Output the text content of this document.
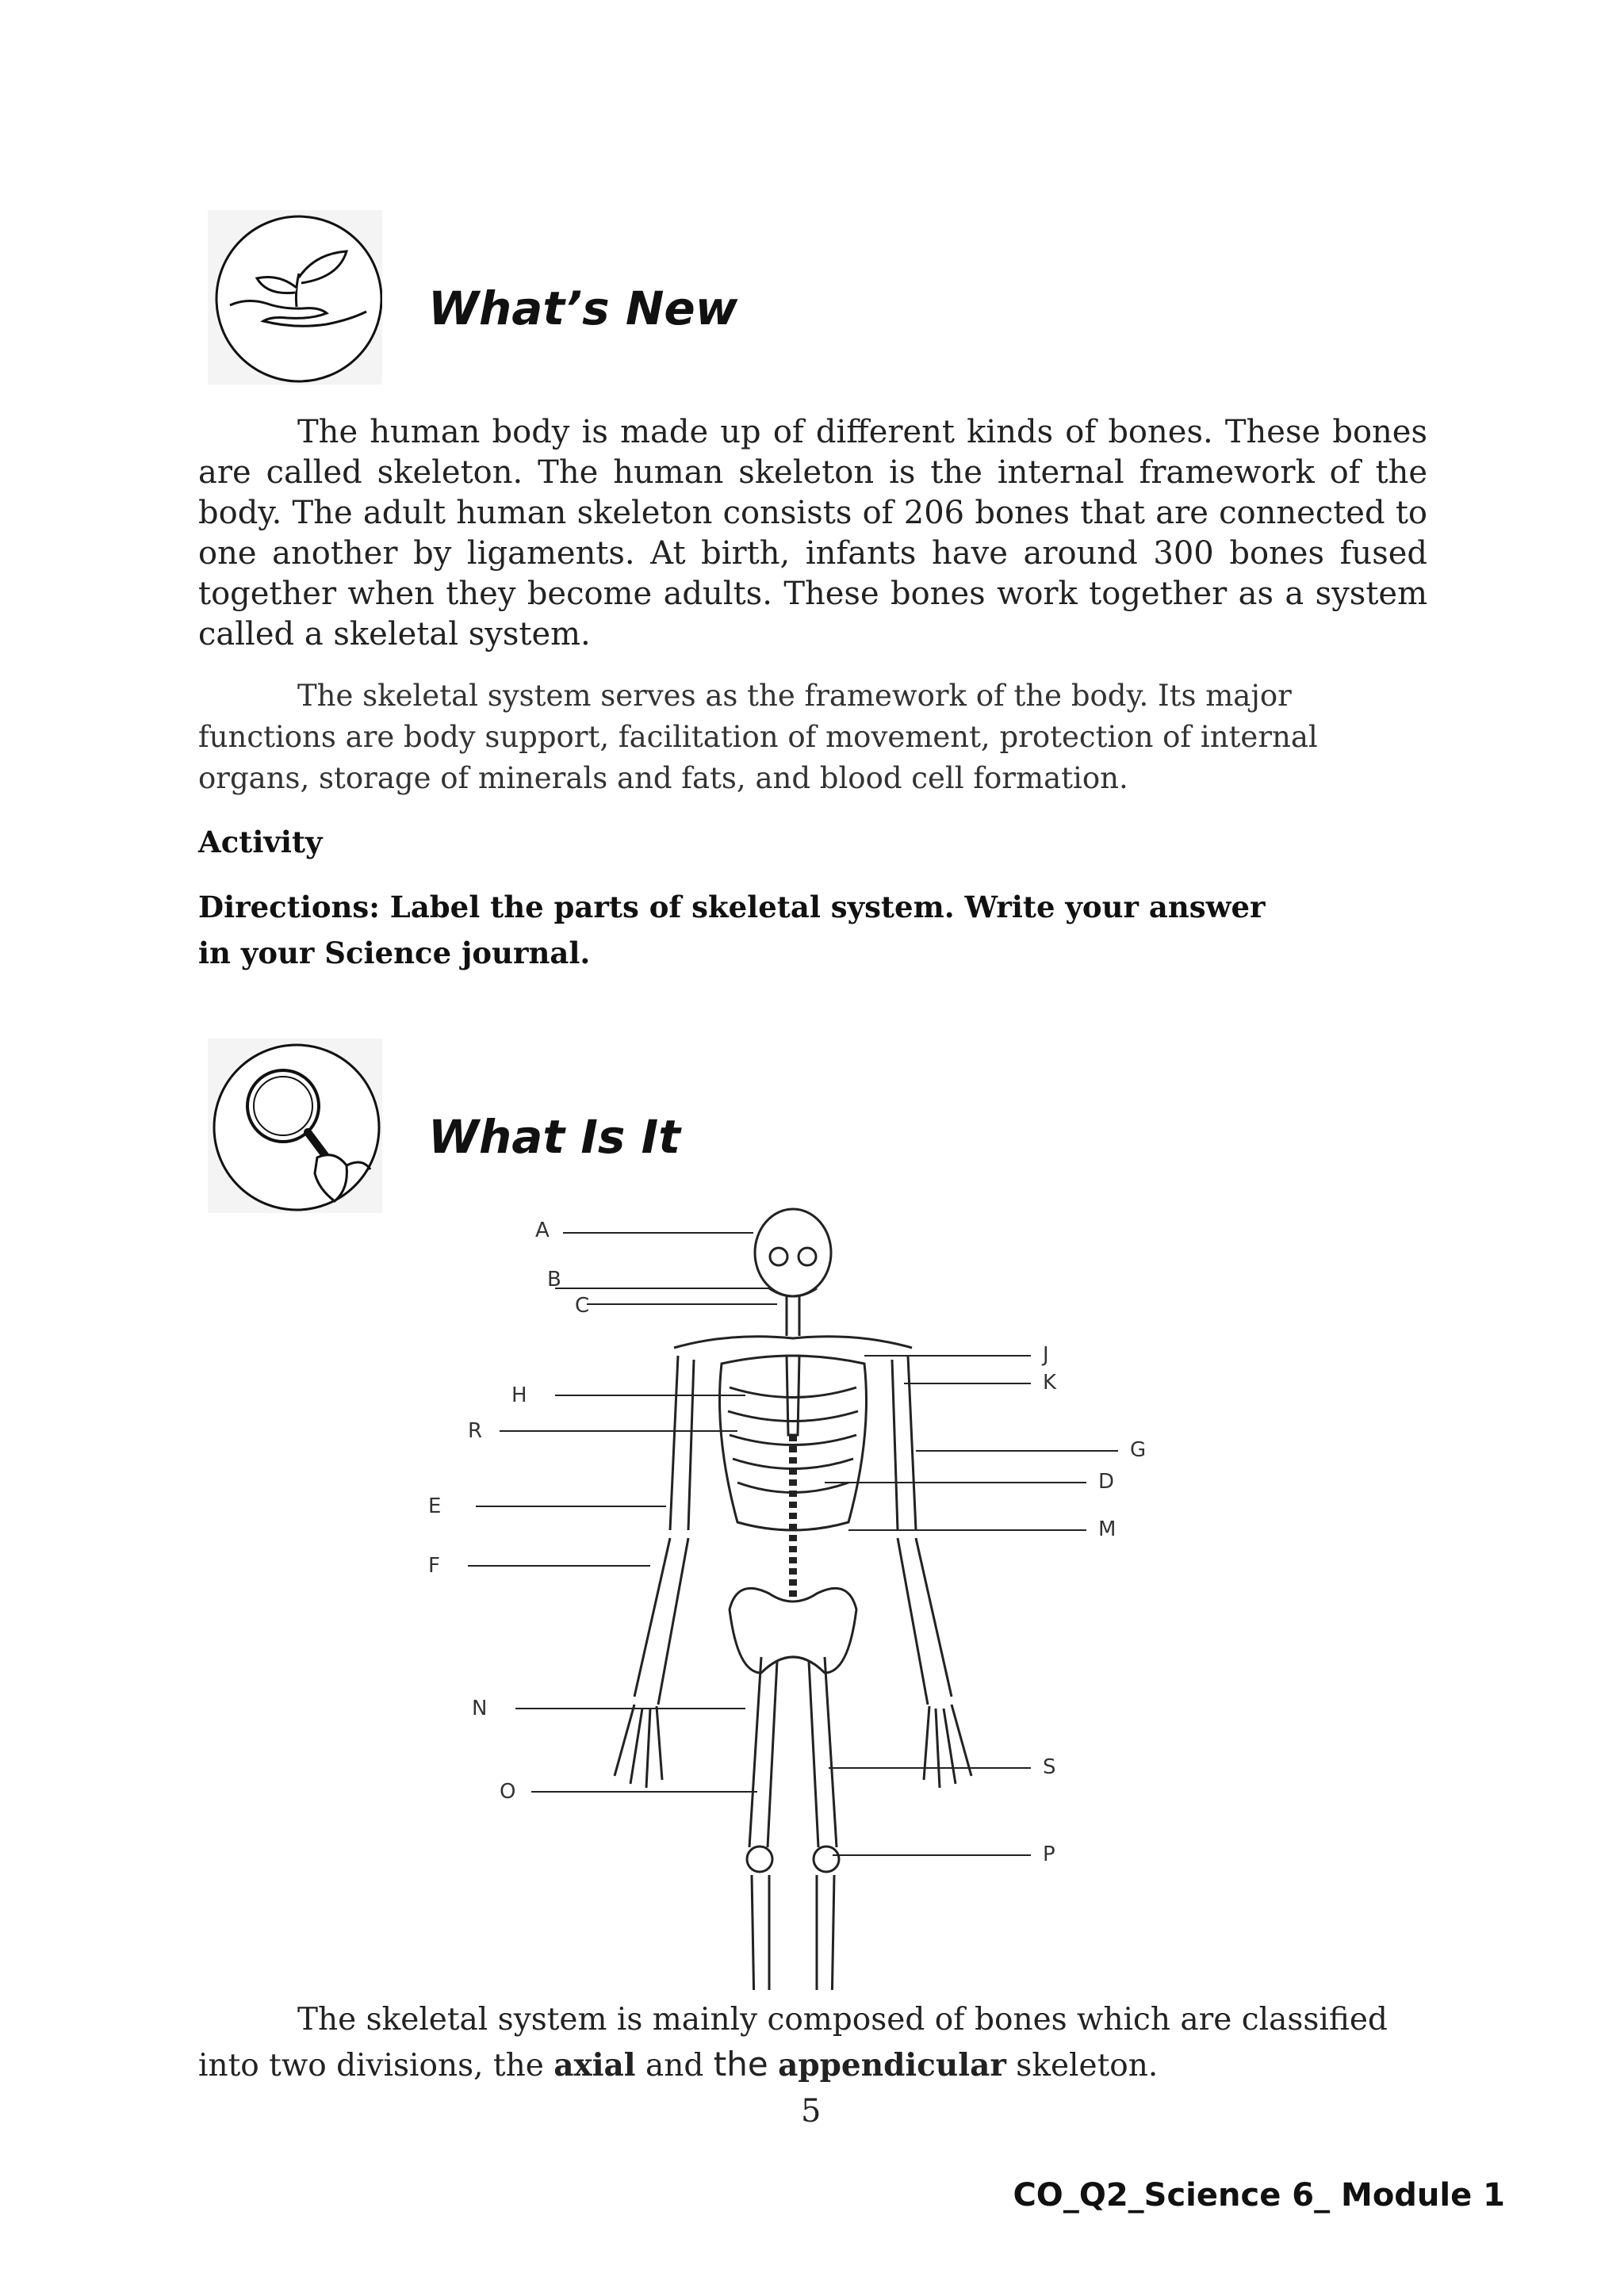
What’s New
The human body is made up of different kinds of bones. These bones are called skeleton. The human skeleton is the internal framework of the body. The adult human skeleton consists of 206 bones that are connected to one another by ligaments. At birth, infants have around 300 bones fused together when they become adults. These bones work together as a system called a skeletal system.
The skeletal system serves as the framework of the body. Its major functions are body support, facilitation of movement, protection of internal organs, storage of minerals and fats, and blood cell formation.
Activity
Directions: Label the parts of skeletal system. Write your answer
in your Science journal.
What Is It
A
B
C
H
R
E
F
N
O
J
K
G
D
M
S
P
The skeletal system is mainly composed of bones which are classified into two divisions, the axial and the appendicular skeleton.
5
CO_Q2_Science 6_ Module 1
